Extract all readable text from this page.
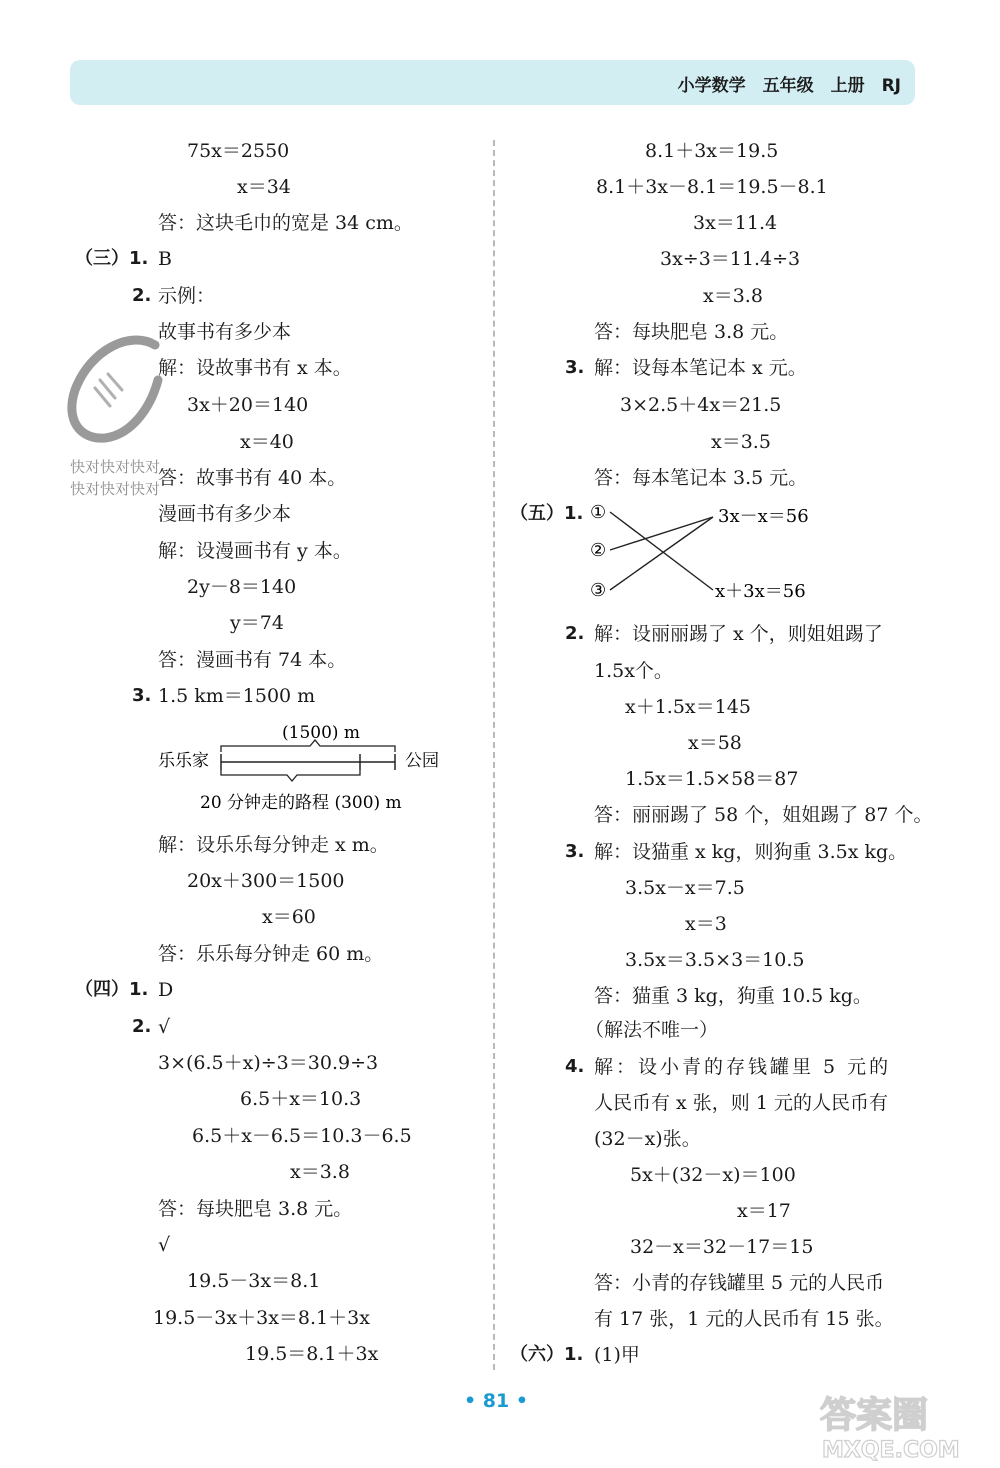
小学数学　五年级　上册　RJ
75x＝2550
x＝34
答：这块毛巾的宽是 34 cm。
（三）1. B
2. 示例：
故事书有多少本
解：设故事书有 x 本。
3x＋20＝140
x＝40
答：故事书有 40 本。
漫画书有多少本
解：设漫画书有 y 本。
2y－8＝140
y＝74
答：漫画书有 74 本。
3. 1.5 km＝1500 m
(1500) m
乐乐家	公园
20 分钟走的路程 (300) m
解：设乐乐每分钟走 x m。
20x＋300＝1500
x＝60
答：乐乐每分钟走 60 m。
（四）1. D
2. √
3×(6.5＋x)÷3＝30.9÷3
6.5＋x＝10.3
6.5＋x－6.5＝10.3－6.5
x＝3.8
答：每块肥皂 3.8 元。
√
19.5－3x＝8.1
19.5－3x＋3x＝8.1＋3x
19.5＝8.1＋3x
快对快对快对
快对快对快对
8.1＋3x＝19.5
8.1＋3x－8.1＝19.5－8.1
3x＝11.4
3x÷3＝11.4÷3
x＝3.8
答：每块肥皂 3.8 元。
3. 解：设每本笔记本 x 元。
3×2.5＋4x＝21.5
x＝3.5
答：每本笔记本 3.5 元。
（五）1. ①
②
③
3x－x＝56
x＋3x＝56
2. 解：设丽丽踢了 x 个，则姐姐踢了
1.5x个。
x＋1.5x＝145
x＝58
1.5x＝1.5×58＝87
答：丽丽踢了 58 个，姐姐踢了 87 个。
3. 解：设猫重 x kg，则狗重 3.5x kg。
3.5x－x＝7.5
x＝3
3.5x＝3.5×3＝10.5
答：猫重 3 kg，狗重 10.5 kg。
（解法不唯一）
4. 解：设小青的存钱罐里 5 元的
人民币有 x 张，则 1 元的人民币有
(32－x)张。
5x＋(32－x)＝100
x＝17
32－x＝32－17＝15
答：小青的存钱罐里 5 元的人民币
有 17 张，1 元的人民币有 15 张。
（六）1. (1)甲
• 81 •	答案圈
MXQE.COM
